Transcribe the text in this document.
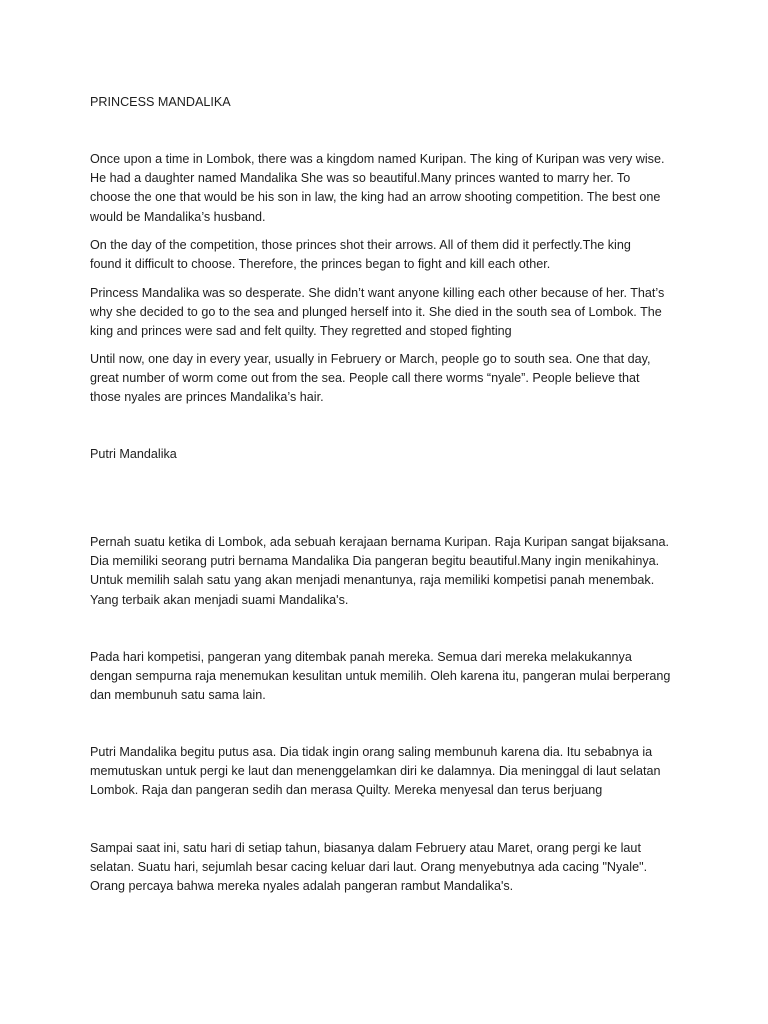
PRINCESS MANDALIKA

Once upon a time in Lombok, there was a kingdom named Kuripan. The king of Kuripan was very wise.
He had a daughter named Mandalika She was so beautiful.Many princes wanted to marry her. To
choose the one that would be his son in law, the king had an arrow shooting competition. The best one
would be Mandalika’s husband.

On the day of the competition, those princes shot their arrows. All of them did it perfectly.The king
found it difficult to choose. Therefore, the princes began to fight and kill each other.

Princess Mandalika was so desperate. She didn’t want anyone killing each other because of her. That’s
why she decided to go to the sea and plunged herself into it. She died in the south sea of Lombok. The
king and princes were sad and felt quilty. They regretted and stoped fighting

Until now, one day in every year, usually in Februery or March, people go to south sea. One that day,
great number of worm come out from the sea. People call there worms “nyale”. People believe that
those nyales are princes Mandalika’s hair.

Putri Mandalika

Pernah suatu ketika di Lombok, ada sebuah kerajaan bernama Kuripan. Raja Kuripan sangat bijaksana.
Dia memiliki seorang putri bernama Mandalika Dia pangeran begitu beautiful.Many ingin menikahinya.
Untuk memilih salah satu yang akan menjadi menantunya, raja memiliki kompetisi panah menembak.
Yang terbaik akan menjadi suami Mandalika's.

Pada hari kompetisi, pangeran yang ditembak panah mereka. Semua dari mereka melakukannya
dengan sempurna raja menemukan kesulitan untuk memilih. Oleh karena itu, pangeran mulai berperang
dan membunuh satu sama lain.

Putri Mandalika begitu putus asa. Dia tidak ingin orang saling membunuh karena dia. Itu sebabnya ia
memutuskan untuk pergi ke laut dan menenggelamkan diri ke dalamnya. Dia meninggal di laut selatan
Lombok. Raja dan pangeran sedih dan merasa Quilty. Mereka menyesal dan terus berjuang

Sampai saat ini, satu hari di setiap tahun, biasanya dalam Februery atau Maret, orang pergi ke laut
selatan. Suatu hari, sejumlah besar cacing keluar dari laut. Orang menyebutnya ada cacing "Nyale".
Orang percaya bahwa mereka nyales adalah pangeran rambut Mandalika's.
